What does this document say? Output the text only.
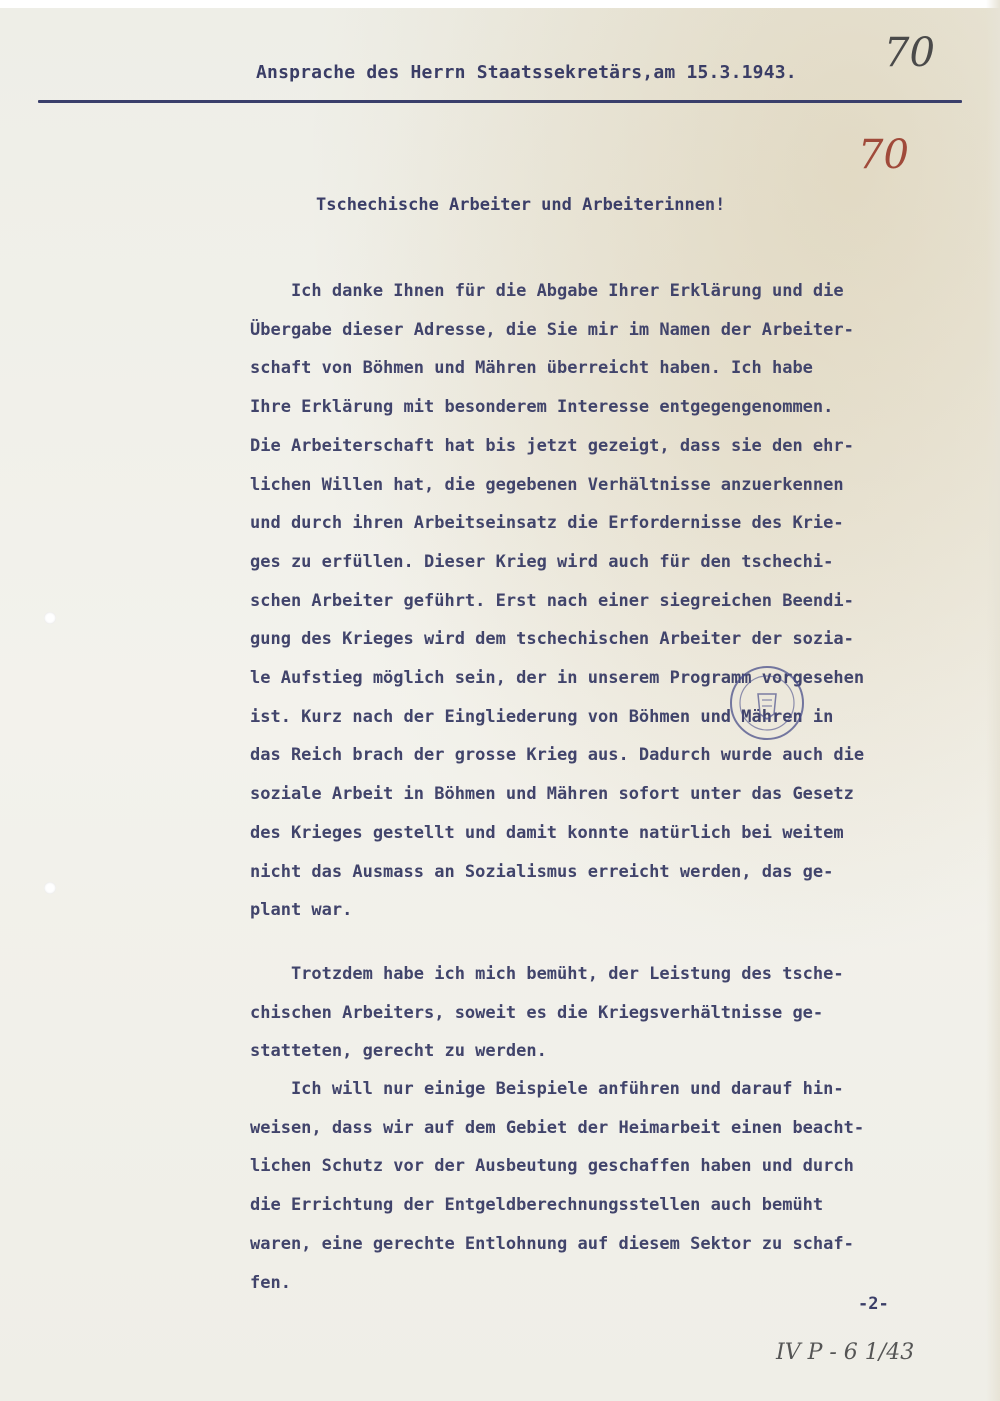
Ansprache des Herrn Staatssekretärs,am 15.3.1943. 70
70
Tschechische Arbeiter und Arbeiterinnen!
Ich danke Ihnen für die Abgabe Ihrer Erklärung und die
Übergabe dieser Adresse, die Sie mir im Namen der Arbeiter-
schaft von Böhmen und Mähren überreicht haben. Ich habe
Ihre Erklärung mit besonderem Interesse entgegengenommen.
Die Arbeiterschaft hat bis jetzt gezeigt, dass sie den ehr-
lichen Willen hat, die gegebenen Verhältnisse anzuerkennen
und durch ihren Arbeitseinsatz die Erfordernisse des Krie-
ges zu erfüllen. Dieser Krieg wird auch für den tschechi-
schen Arbeiter geführt. Erst nach einer siegreichen Beendi-
gung des Krieges wird dem tschechischen Arbeiter der sozia-
le Aufstieg möglich sein, der in unserem Programm vorgesehen
ist. Kurz nach der Eingliederung von Böhmen und Mähren in
das Reich brach der grosse Krieg aus. Dadurch wurde auch die
soziale Arbeit in Böhmen und Mähren sofort unter das Gesetz
des Krieges gestellt und damit konnte natürlich bei weitem
nicht das Ausmass an Sozialismus erreicht werden, das ge-
plant war.
Trotzdem habe ich mich bemüht, der Leistung des tsche-
chischen Arbeiters, soweit es die Kriegsverhältnisse ge-
statteten, gerecht zu werden.
Ich will nur einige Beispiele anführen und darauf hin-
weisen, dass wir auf dem Gebiet der Heimarbeit einen beacht-
lichen Schutz vor der Ausbeutung geschaffen haben und durch
die Errichtung der Entgeldberechnungsstellen auch bemüht
waren, eine gerechte Entlohnung auf diesem Sektor zu schaf-
fen.
-2-
IV P - 6 1/43
